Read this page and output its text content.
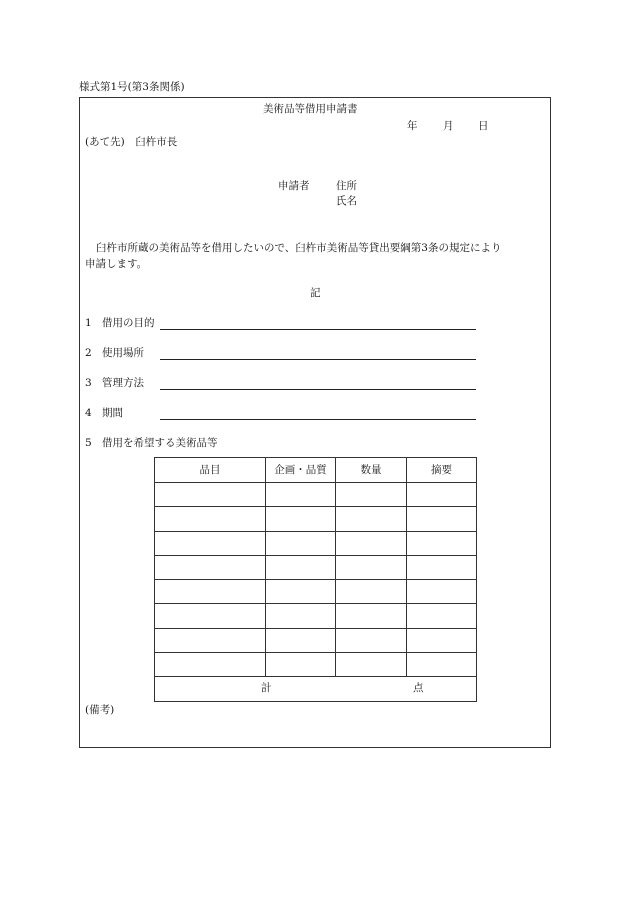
様式第1号(第3条関係)
美術品等借用申請書
年 月 日
(あて先)　臼杵市長
申請者	住所
氏名
臼杵市所蔵の美術品等を借用したいので、臼杵市美術品等貸出要綱第3条の規定により
申請します。
記
1 借用の目的
2 使用場所
3 管理方法
4 期間
5 借用を希望する美術品等
品目	企画・品質	数量	摘要

計 点			
(備考)
